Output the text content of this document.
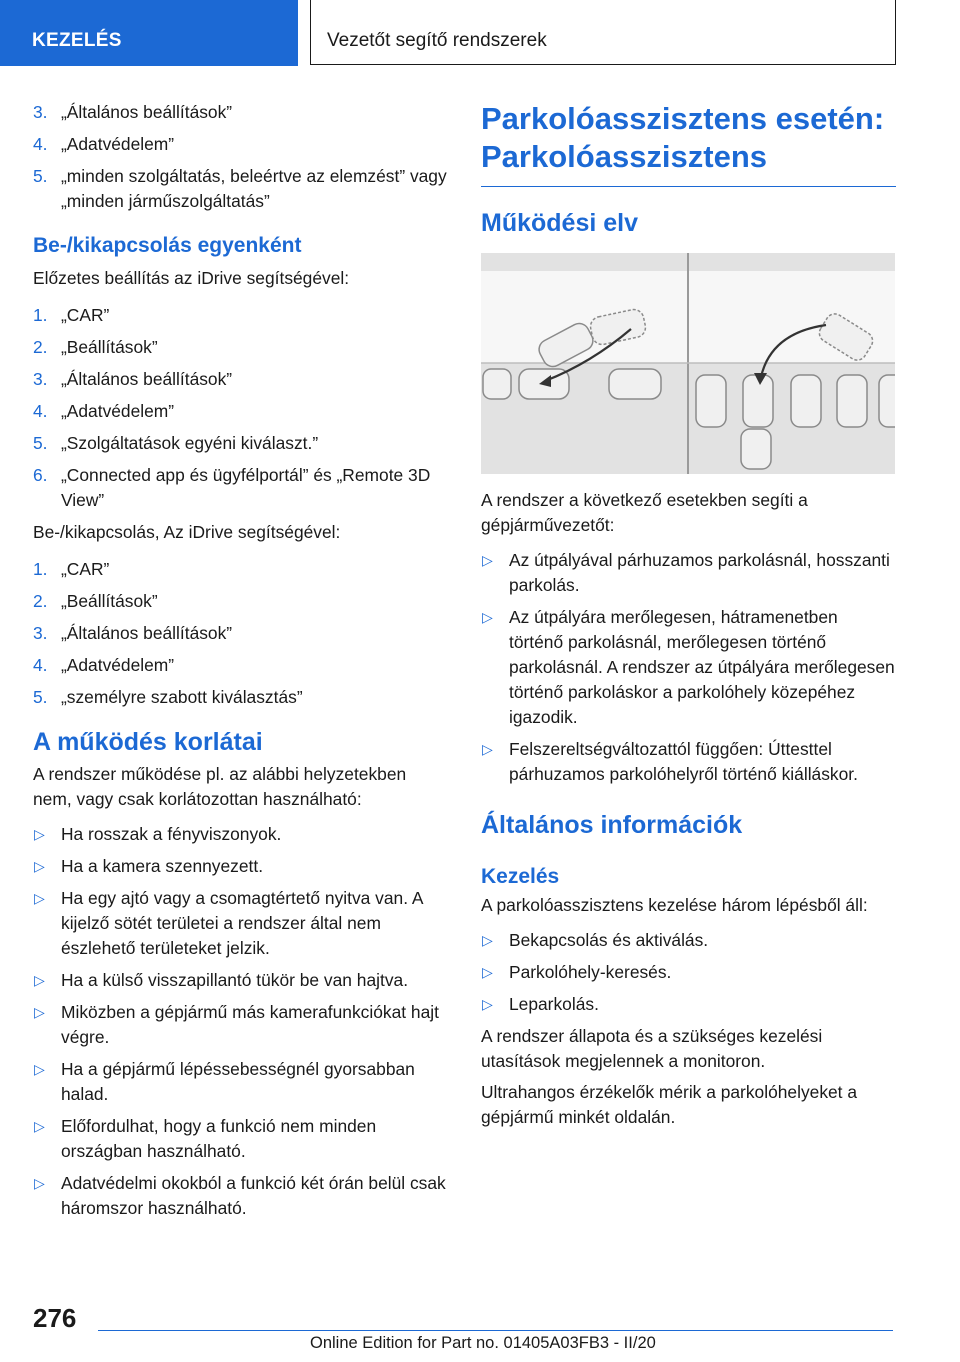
KEZELÉS	Vezetőt segítő rendszerek
3. „Általános beállítások”
4. „Adatvédelem”
5. „minden szolgáltatás, beleértve az elemzést” vagy „minden járműszolgáltatás”
Be-/kikapcsolás egyenként

Előzetes beállítás az iDrive segítségével:

1. „CAR”
2. „Beállítások”
3. „Általános beállítások”
4. „Adatvédelem”
5. „Szolgáltatások egyéni kiválaszt.”
6. „Connected app és ügyfélportál” és „Remote 3D View”

Be-/kikapcsolás, Az iDrive segítségével:

1. „CAR”
2. „Beállítások”
3. „Általános beállítások”
4. „Adatvédelem”
5. „személyre szabott kiválasztás”
A működés korlátai

A rendszer működése pl. az alábbi helyzetekben nem, vagy csak korlátozottan használható:

▷ Ha rosszak a fényviszonyok.
▷ Ha a kamera szennyezett.
▷ Ha egy ajtó vagy a csomagtértető nyitva van. A kijelző sötét területei a rendszer által nem észlehető területeket jelzik.
▷ Ha a külső visszapillantó tükör be van hajtva.
▷ Miközben a gépjármű más kamerafunkciókat hajt végre.
▷ Ha a gépjármű lépéssebességnél gyorsabban halad.
▷ Előfordulhat, hogy a funkció nem minden országban használható.
▷ Adatvédelmi okokból a funkció két órán belül csak háromszor használható.
Parkolóasszisztens esetén: Parkolóasszisztens
Működési elv

A rendszer a következő esetekben segíti a gépjárművezetőt:

▷ Az útpályával párhuzamos parkolásnál, hosszanti parkolás.
▷ Az útpályára merőlegesen, hátramenetben történő parkolásnál, merőlegesen történő parkolásnál. A rendszer az útpályára merőlegesen történő parkoláskor a parkolóhely közepéhez igazodik.
▷ Felszereltségváltozattól függően: Úttesttel párhuzamos parkolóhelyről történő kiálláskor.
Általános információk
Kezelés

A parkolóasszisztens kezelése három lépésből áll:

▷ Bekapcsolás és aktiválás.
▷ Parkolóhely-keresés.
▷ Leparkolás.

A rendszer állapota és a szükséges kezelési utasítások megjelennek a monitoron.

Ultrahangos érzékelők mérik a parkolóhelyeket a gépjármű minkét oldalán.

276
Online Edition for Part no. 01405A03FB3 - II/20
